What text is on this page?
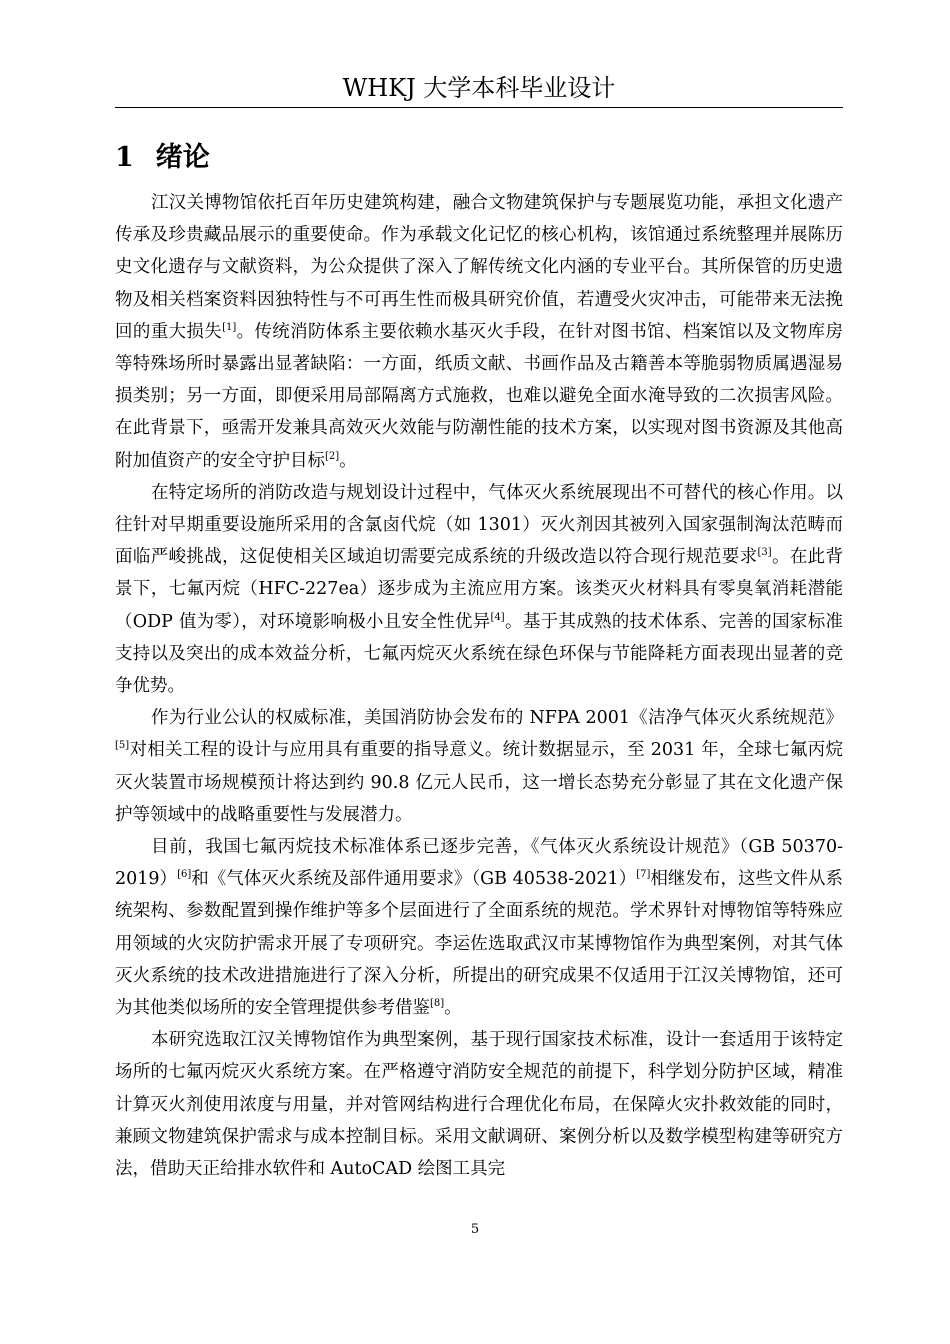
WHKJ 大学本科毕业设计
1 绪论

江汉关博物馆依托百年历史建筑构建，融合文物建筑保护与专题展览功能，承担文化遗产传承及珍贵藏品展示的重要使命。作为承载文化记忆的核心机构，该馆通过系统整理并展陈历史文化遗存与文献资料，为公众提供了深入了解传统文化内涵的专业平台。其所保管的历史遗物及相关档案资料因独特性与不可再生性而极具研究价值，若遭受火灾冲击，可能带来无法挽回的重大损失[1]。传统消防体系主要依赖水基灭火手段，在针对图书馆、档案馆以及文物库房等特殊场所时暴露出显著缺陷：一方面，纸质文献、书画作品及古籍善本等脆弱物质属遇湿易损类别；另一方面，即便采用局部隔离方式施救，也难以避免全面水淹导致的二次损害风险。在此背景下，亟需开发兼具高效灭火效能与防潮性能的技术方案，以实现对图书资源及其他高附加值资产的安全守护目标[2]。

在特定场所的消防改造与规划设计过程中，气体灭火系统展现出不可替代的核心作用。以往针对早期重要设施所采用的含氯卤代烷（如 1301）灭火剂因其被列入国家强制淘汰范畴而面临严峻挑战，这促使相关区域迫切需要完成系统的升级改造以符合现行规范要求[3]。在此背景下，七氟丙烷（HFC-227ea）逐步成为主流应用方案。该类灭火材料具有零臭氧消耗潜能（ODP 值为零），对环境影响极小且安全性优异[4]。基于其成熟的技术体系、完善的国家标准支持以及突出的成本效益分析，七氟丙烷灭火系统在绿色环保与节能降耗方面表现出显著的竞争优势。

作为行业公认的权威标准，美国消防协会发布的 NFPA 2001《洁净气体灭火系统规范》[5]对相关工程的设计与应用具有重要的指导意义。统计数据显示，至 2031 年，全球七氟丙烷灭火装置市场规模预计将达到约 90.8 亿元人民币，这一增长态势充分彰显了其在文化遗产保护等领域中的战略重要性与发展潜力。

目前，我国七氟丙烷技术标准体系已逐步完善，《气体灭火系统设计规范》（GB 50370-2019）[6]和《气体灭火系统及部件通用要求》（GB 40538-2021）[7]相继发布，这些文件从系统架构、参数配置到操作维护等多个层面进行了全面系统的规范。学术界针对博物馆等特殊应用领域的火灾防护需求开展了专项研究。李运佐选取武汉市某博物馆作为典型案例，对其气体灭火系统的技术改进措施进行了深入分析，所提出的研究成果不仅适用于江汉关博物馆，还可为其他类似场所的安全管理提供参考借鉴[8]。

本研究选取江汉关博物馆作为典型案例，基于现行国家技术标准，设计一套适用于该特定场所的七氟丙烷灭火系统方案。在严格遵守消防安全规范的前提下，科学划分防护区域，精准计算灭火剂使用浓度与用量，并对管网结构进行合理优化布局，在保障火灾扑救效能的同时，兼顾文物建筑保护需求与成本控制目标。采用文献调研、案例分析以及数学模型构建等研究方法，借助天正给排水软件和 AutoCAD 绘图工具完

5
